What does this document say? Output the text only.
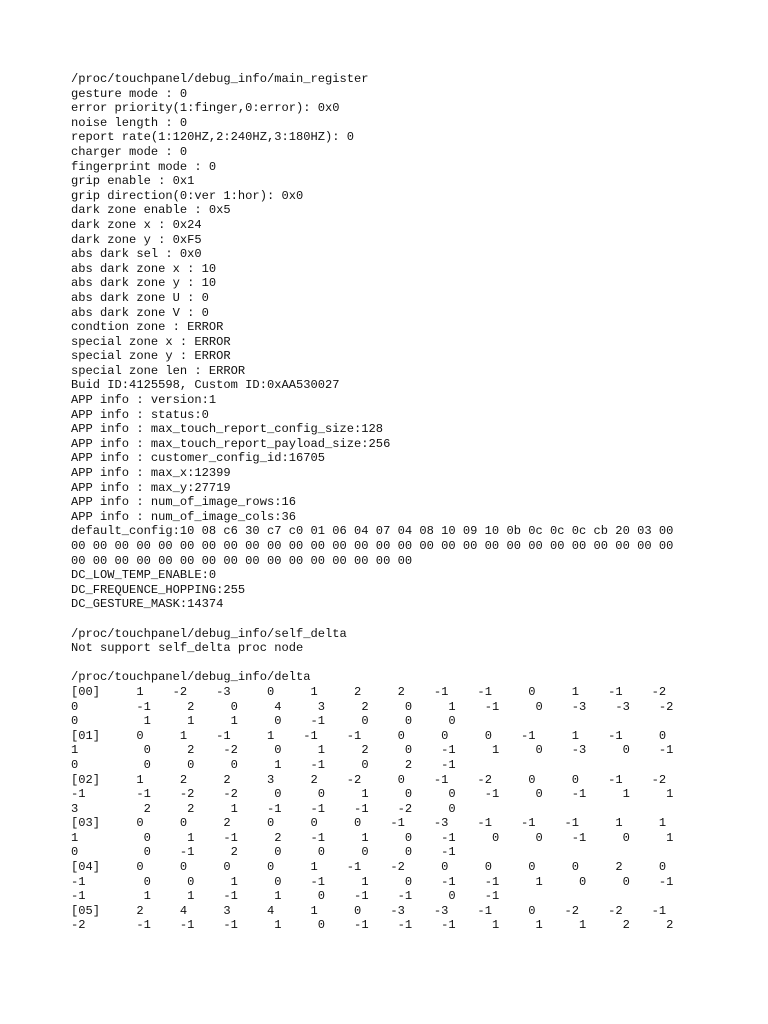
/proc/touchpanel/debug_info/main_register
gesture mode : 0
error priority(1:finger,0:error): 0x0
noise length : 0
report rate(1:120HZ,2:240HZ,3:180HZ): 0
charger mode : 0
fingerprint mode : 0
grip enable : 0x1
grip direction(0:ver 1:hor): 0x0
dark zone enable : 0x5
dark zone x : 0x24
dark zone y : 0xF5
abs dark sel : 0x0
abs dark zone x : 10
abs dark zone y : 10
abs dark zone U : 0
abs dark zone V : 0
condtion zone : ERROR
special zone x : ERROR
special zone y : ERROR
special zone len : ERROR
Buid ID:4125598, Custom ID:0xAA530027
APP info : version:1
APP info : status:0
APP info : max_touch_report_config_size:128
APP info : max_touch_report_payload_size:256
APP info : customer_config_id:16705
APP info : max_x:12399
APP info : max_y:27719
APP info : num_of_image_rows:16
APP info : num_of_image_cols:36
default_config:10 08 c6 30 c7 c0 01 06 04 07 04 08 10 09 10 0b 0c 0c 0c cb 20 03 00
00 00 00 00 00 00 00 00 00 00 00 00 00 00 00 00 00 00 00 00 00 00 00 00 00 00 00 00
00 00 00 00 00 00 00 00 00 00 00 00 00 00 00 00
DC_LOW_TEMP_ENABLE:0
DC_FREQUENCE_HOPPING:255
DC_GESTURE_MASK:14374
/proc/touchpanel/debug_info/self_delta
Not support self_delta proc node
/proc/touchpanel/debug_info/delta
[00]     1    -2    -3     0     1     2     2    -1    -1     0     1    -1    -2
0        -1     2     0     4     3     2     0     1    -1     0    -3    -3    -2
0         1     1     1     0    -1     0     0     0
[01]     0     1    -1     1    -1    -1     0     0     0    -1     1    -1     0
1         0     2    -2     0     1     2     0    -1     1     0    -3     0    -1
0         0     0     0     1    -1     0     2    -1
[02]     1     2     2     3     2    -2     0    -1    -2     0     0    -1    -2
-1       -1    -2    -2     0     0     1     0     0    -1     0    -1     1     1
3         2     2     1    -1    -1    -1    -2     0
[03]     0     0     2     0     0     0    -1    -3    -1    -1    -1     1     1
1         0     1    -1     2    -1     1     0    -1     0     0    -1     0     1
0         0    -1     2     0     0     0     0    -1
[04]     0     0     0     0     1    -1    -2     0     0     0     0     2     0
-1        0     0     1     0    -1     1     0    -1    -1     1     0     0    -1
-1        1     1    -1     1     0    -1    -1     0    -1
[05]     2     4     3     4     1     0    -3    -3    -1     0    -2    -2    -1
-2       -1    -1    -1     1     0    -1    -1    -1     1     1     1     2     2
